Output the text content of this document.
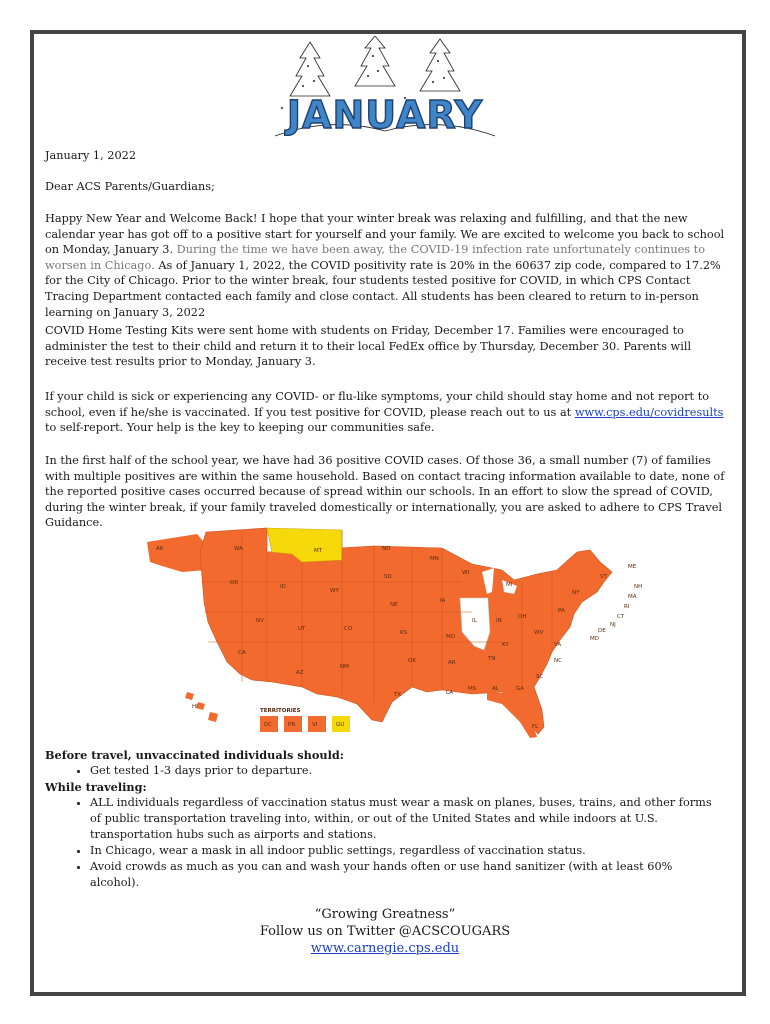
JANUARY
January 1, 2022
Dear ACS Parents/Guardians;

Happy New Year and Welcome Back! I hope that your winter break was relaxing and fulfilling, and that the new calendar year has got off to a positive start for yourself and your family. We are excited to welcome you back to school on Monday, January 3. During the time we have been away, the COVID-19 infection rate unfortunately continues to worsen in Chicago. As of January 1, 2022, the COVID positivity rate is 20% in the 60637 zip code, compared to 17.2% for the City of Chicago. Prior to the winter break, four students tested positive for COVID, in which CPS Contact Tracing Department contacted each family and close contact. All students has been cleared to return to in-person learning on January 3, 2022

COVID Home Testing Kits were sent home with students on Friday, December 17. Families were encouraged to administer the test to their child and return it to their local FedEx office by Thursday, December 30. Parents will receive test results prior to Monday, January 3.

If your child is sick or experiencing any COVID- or flu-like symptoms, your child should stay home and not report to school, even if he/she is vaccinated. If you test positive for COVID, please reach out to us at www.cps.edu/covidresults to self-report. Your help is the key to keeping our communities safe.

In the first half of the school year, we have had 36 positive COVID cases. Of those 36, a small number (7) of families with multiple positives are within the same household. Based on contact tracing information available to date, none of the reported positive cases occurred because of spread within our schools. In an effort to slow the spread of COVID, during the winter break, if your family traveled domestically or internationally, you are asked to adhere to CPS Travel Guidance.
AK	WA	MT	ND
MN
OR
ID
SD
WI
MI
VT
NH
ME
MA
RI
CT
NJ
DE
MD
NY
PA
WY
NE
IA
IL	IN
OH
NV
UT	CO
KS
MO
KY
WV
VA
CA
OK	AR
TN	NC
AZ
NM
SC
TX	LA
MS	AL	GA
FL
HI
TERRITORIES
DC	PR	VI	GU
Before travel, unvaccinated individuals should:
• Get tested 1-3 days prior to departure.
While traveling:
• ALL individuals regardless of vaccination status must wear a mask on planes, buses, trains, and other forms of public transportation traveling into, within, or out of the United States and while indoors at U.S. transportation hubs such as airports and stations.
• In Chicago, wear a mask in all indoor public settings, regardless of vaccination status.
• Avoid crowds as much as you can and wash your hands often or use hand sanitizer (with at least 60% alcohol).
“Growing Greatness”
Follow us on Twitter @ACSCOUGARS
www.carnegie.cps.edu
